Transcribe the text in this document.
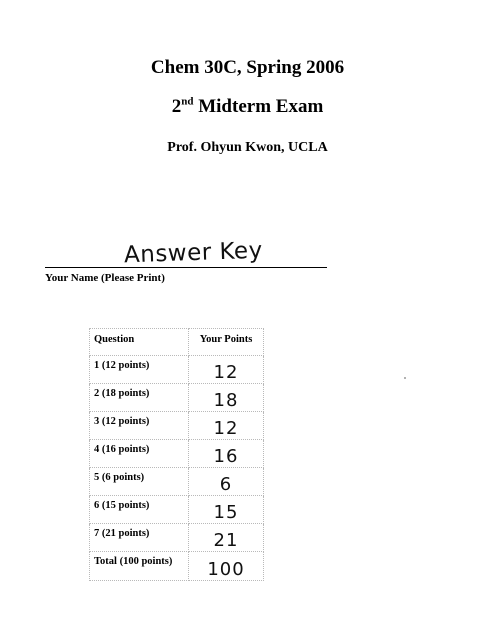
Chem 30C, Spring 2006
2nd Midterm Exam
Prof. Ohyun Kwon, UCLA
Answer Key
Your Name (Please Print)
Question	Your Points
1 (12 points)	12
2 (18 points)	18
3 (12 points)	12
4 (16 points)	16
5 (6 points)	6
6 (15 points)	15
7 (21 points)	21
Total (100 points)	100
